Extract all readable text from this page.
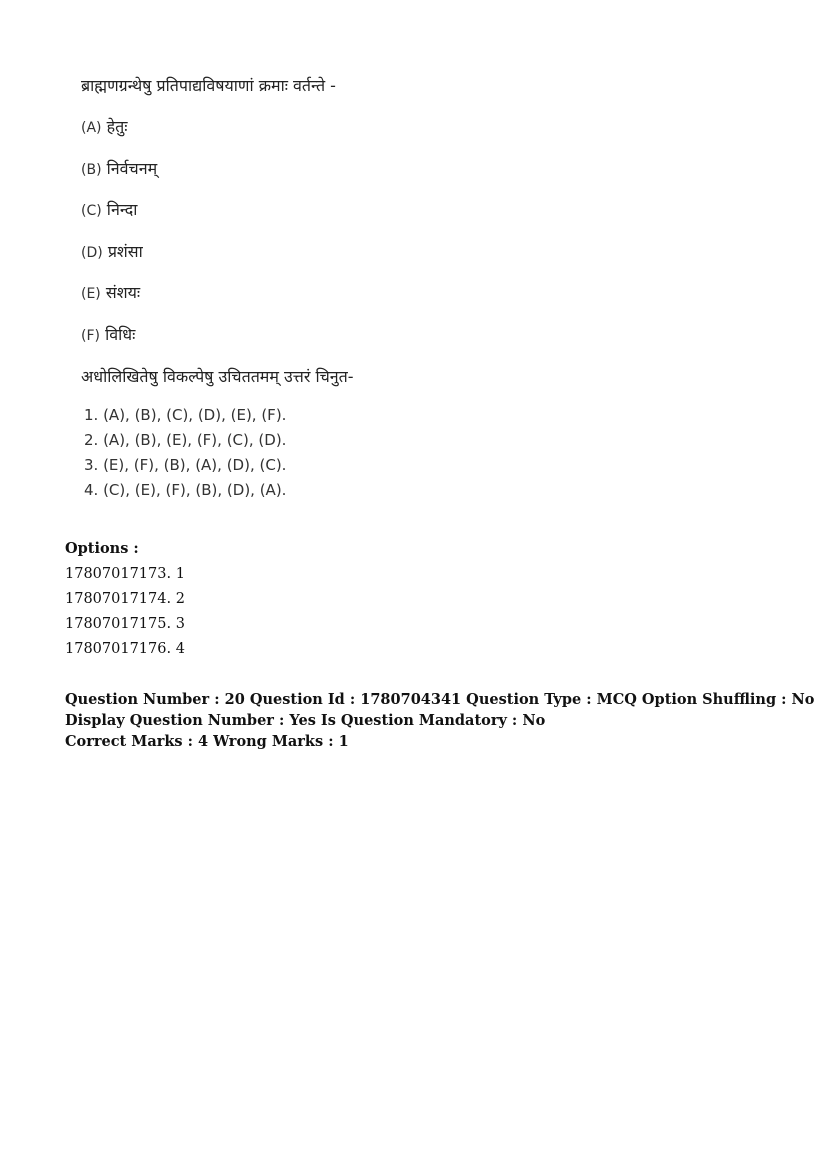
ब्राह्मणग्रन्थेषु प्रतिपाद्यविषयाणां क्रमाः वर्तन्ते -

(A) हेतुः
(B) निर्वचनम्
(C) निन्दा
(D) प्रशंसा
(E) संशयः
(F) विधिः

अधोलिखितेषु विकल्पेषु उचिततमम् उत्तरं चिनुत-

1. (A), (B), (C), (D), (E), (F).
2. (A), (B), (E), (F), (C), (D).
3. (E), (F), (B), (A), (D), (C).
4. (C), (E), (F), (B), (D), (A).
Options :
17807017173. 1
17807017174. 2
17807017175. 3
17807017176. 4
Question Number : 20 Question Id : 1780704341 Question Type : MCQ Option Shuffling : No
Display Question Number : Yes Is Question Mandatory : No
Correct Marks : 4 Wrong Marks : 1
